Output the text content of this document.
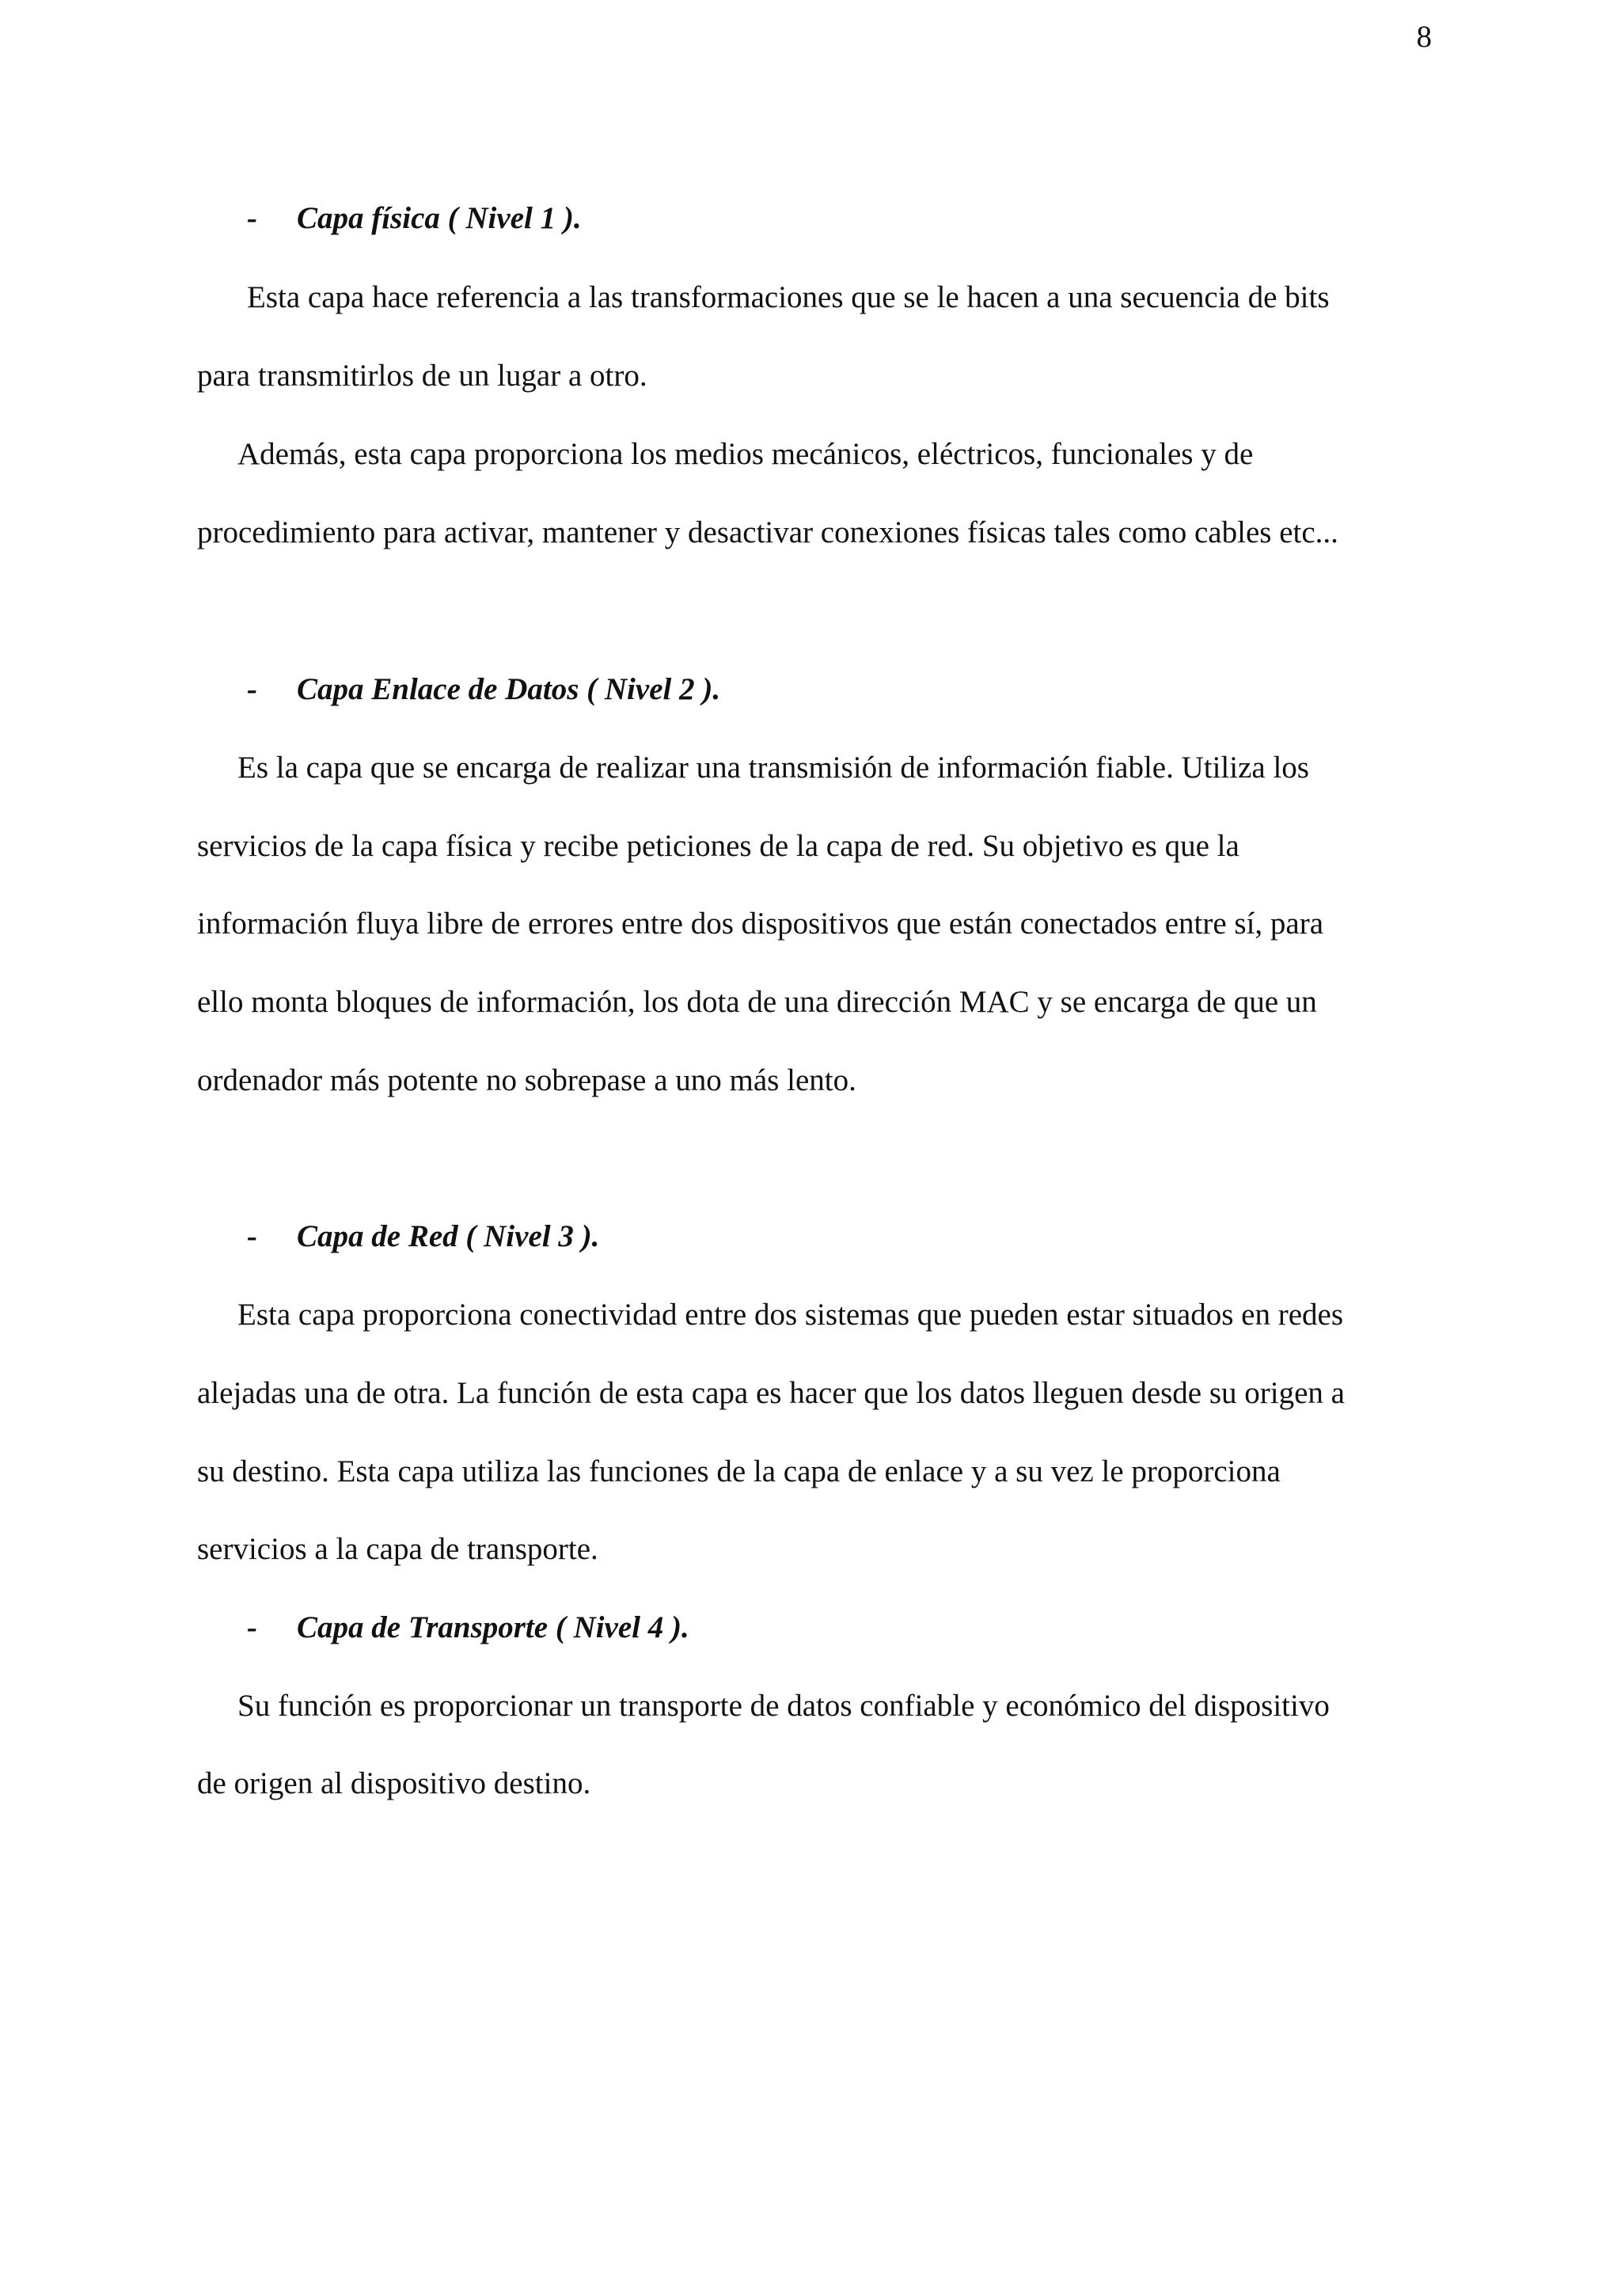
8
- Capa física ( Nivel 1 ).
Esta capa hace referencia a las transformaciones que se le hacen a una secuencia de bits
para transmitirlos de un lugar a otro.
Además, esta capa proporciona los medios mecánicos, eléctricos, funcionales y de
procedimiento para activar, mantener y desactivar conexiones físicas tales como cables etc...
- Capa Enlace de Datos ( Nivel 2 ).
Es la capa que se encarga de realizar una transmisión de información fiable. Utiliza los
servicios de la capa física y recibe peticiones de la capa de red. Su objetivo es que la
información fluya libre de errores entre dos dispositivos que están conectados entre sí, para
ello monta bloques de información, los dota de una dirección MAC y se encarga de que un
ordenador más potente no sobrepase a uno más lento.
- Capa de Red ( Nivel 3 ).
Esta capa proporciona conectividad entre dos sistemas que pueden estar situados en redes
alejadas una de otra. La función de esta capa es hacer que los datos lleguen desde su origen a
su destino. Esta capa utiliza las funciones de la capa de enlace y a su vez le proporciona
servicios a la capa de transporte.
- Capa de Transporte ( Nivel 4 ).
Su función es proporcionar un transporte de datos confiable y económico del dispositivo
de origen al dispositivo destino.
